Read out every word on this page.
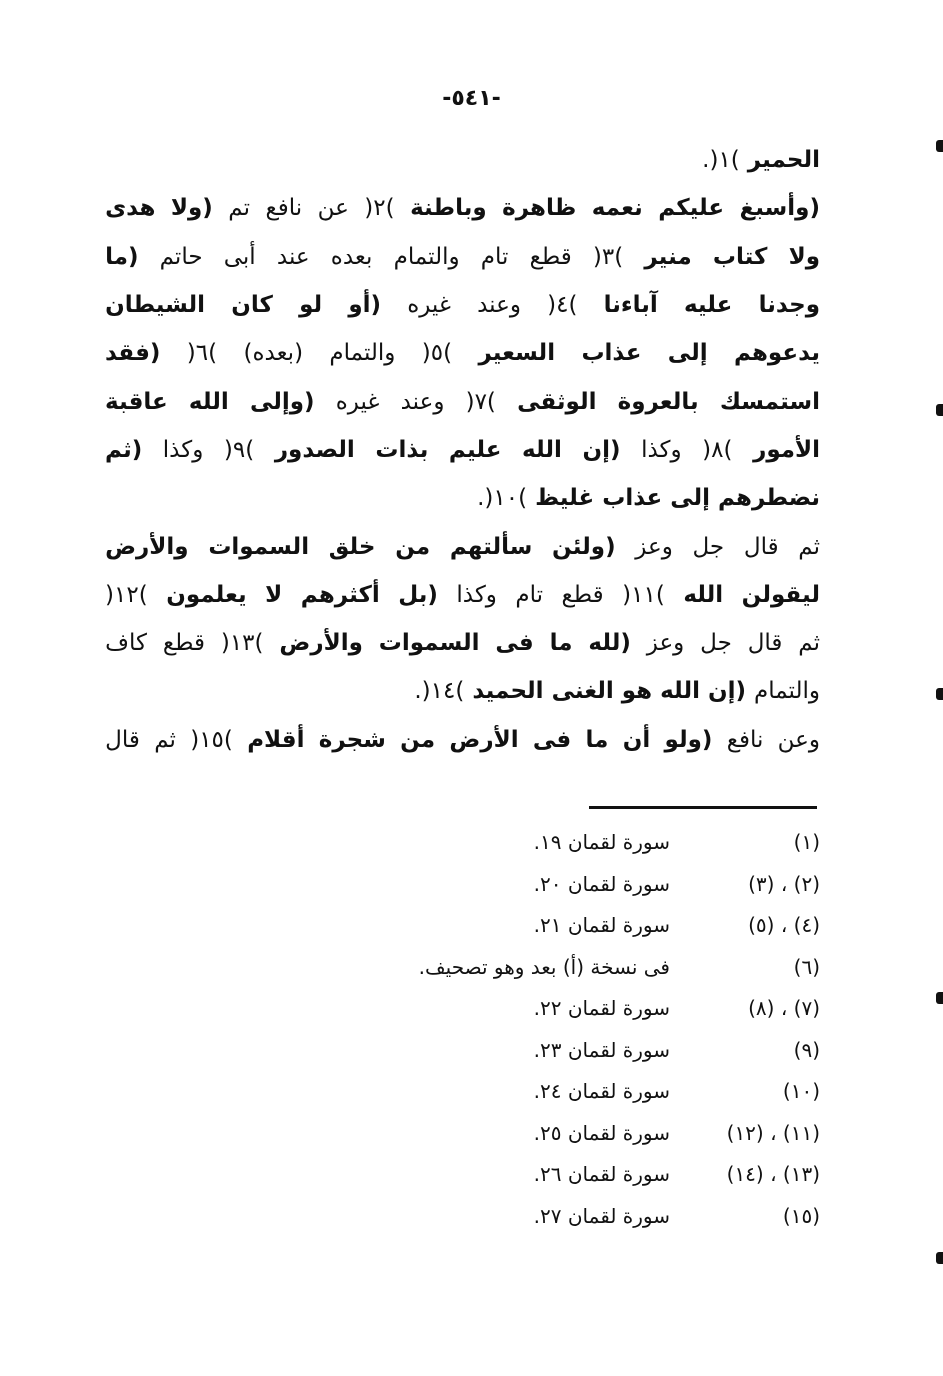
-٥٤١-
الحمير
)١(.
(وأسبغ
عليكم
نعمه
ظاهرة
وباطنة
)٢(
عن
نافع
تم
(ولا
هدى
ولا
كتاب
منير
)٣(
قطع
تام
والتمام
بعده
عند
أبى
حاتم
(ما
وجدنا
عليه
آباءنا
)٤(
وعند
غيره
(أو
لو
كان
الشيطان
يدعوهم
إلى
عذاب
السعير
)٥(
والتمام
(بعده)
)٦(
(فقد
استمسك
بالعروة
الوثقى
)٧(
وعند
غيره
(وإلى
الله
عاقبة
الأمور
)٨(
وكذا
(إن
الله
عليم
بذات
الصدور
)٩(
وكذا
(ثم
نضطرهم
إلى
عذاب
غليظ
)١٠(.
ثم
قال
جل
وعز
(ولئن
سألتهم
من
خلق
السموات
والأرض
ليقولن
الله
)١١(
قطع
تام
وكذا
(بل
أكثرهم
لا
يعلمون
)١٢(
ثم
قال
جل
وعز
(لله
ما
فى
السموات
والأرض
)١٣(
قطع
كاف
والتمام
(إن
الله
هو
الغنى
الحميد
)١٤(.
وعن
نافع
(ولو
أن
ما
فى
الأرض
من
شجرة
أقلام
)١٥(
ثم
قال
(١)
سورة لقمان ١٩.
(٢) ، (٣)
سورة لقمان ٢٠.
(٤) ، (٥)
سورة لقمان ٢١.
(٦)
فى نسخة (أ) بعد وهو تصحيف.
(٧) ، (٨)
سورة لقمان ٢٢.
(٩)
سورة لقمان ٢٣.
(١٠)
سورة لقمان ٢٤.
(١١) ، (١٢)
سورة لقمان ٢٥.
(١٣) ، (١٤)
سورة لقمان ٢٦.
(١٥)
سورة لقمان ٢٧.
